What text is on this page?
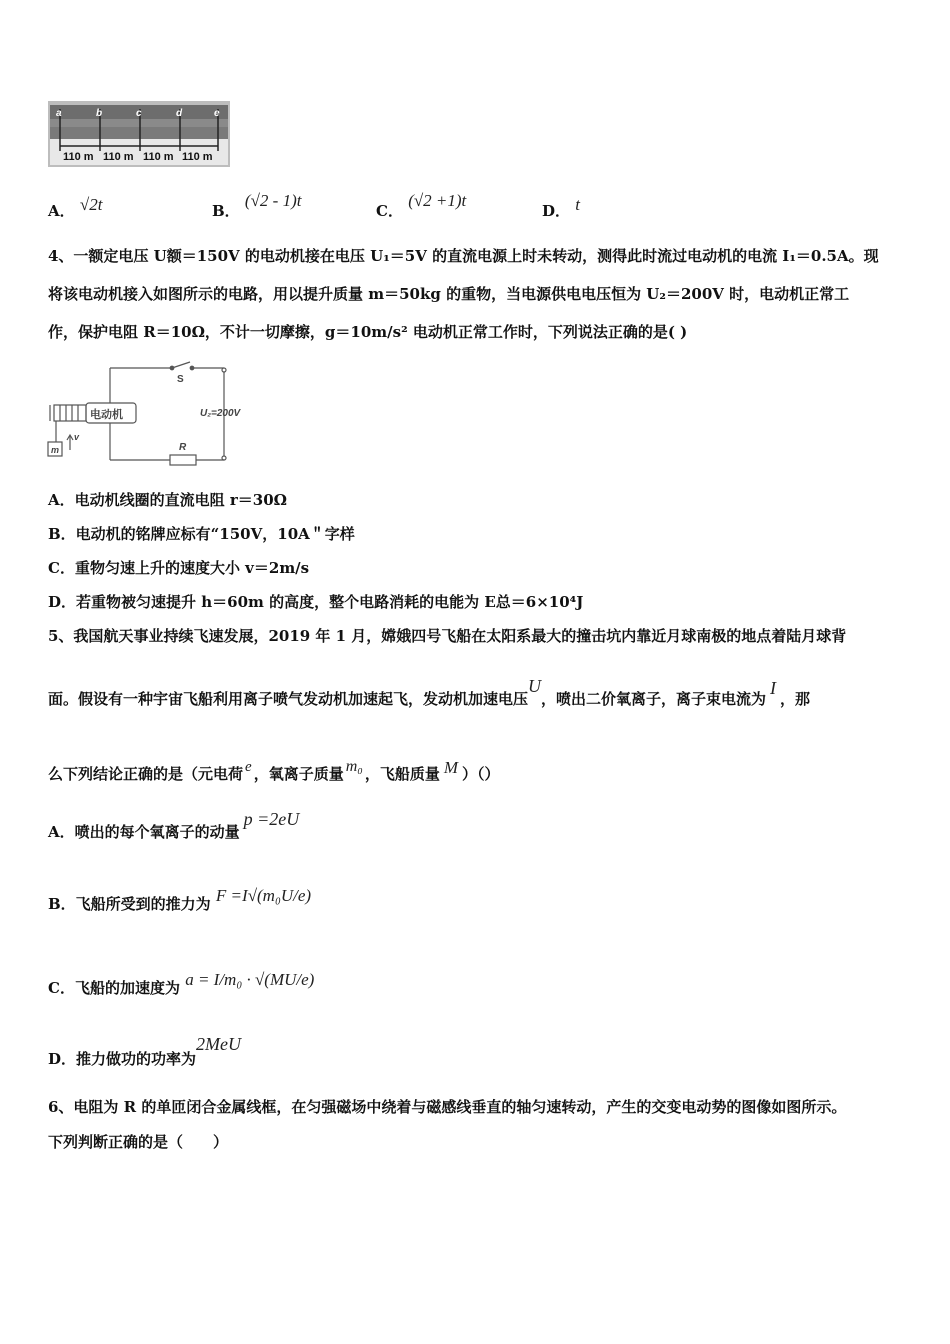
a	b	c	d	e
110 m 110 m 110 m 110 m
A． √2t	B． (√2 - 1)t
C． (√2 +1)t
D． t
4、一额定电压 U额＝150V 的电动机接在电压 U₁＝5V 的直流电源上时未转动，测得此时流过电动机的电流 I₁＝0.5A。现
将该电动机接入如图所示的电路，用以提升质量 m＝50kg 的重物，当电源供电电压恒为 U₂＝200V 时，电动机正常工
作，保护电阻 R＝10Ω，不计一切摩擦，g＝10m/s² 电动机正常工作时，下列说法正确的是( )
电动机
S
U₂=200V
R
m
v
A．电动机线圈的直流电阻 r＝30Ω
B．电动机的铭牌应标有“150V，10A＂字样
C．重物匀速上升的速度大小 v＝2m/s
D．若重物被匀速提升 h＝60m 的高度，整个电路消耗的电能为 E总＝6×10⁴J
5、我国航天事业持续飞速发展，2019 年 1 月，嫦娥四号飞船在太阳系最大的撞击坑内靠近月球南极的地点着陆月球背
面。假设有一种宇宙飞船利用离子喷气发动机加速起飞，发动机加速电压U，喷出二价氧离子，离子束电流为I，那
么下列结论正确的是（元电荷 e ，氧离子质量 m₀ ，飞船质量 M ）（）
A．喷出的每个氧离子的动量p =2eU
B．飞船所受到的推力为 F =I√(m₀U/e)
C．飞船的加速度为 a = I/m₀ · √(MU/e)
D．推力做功的功率为2MeU
6、电阻为 R 的单匝闭合金属线框，在匀强磁场中绕着与磁感线垂直的轴匀速转动，产生的交变电动势的图像如图所示。
下列判断正确的是（　　）
